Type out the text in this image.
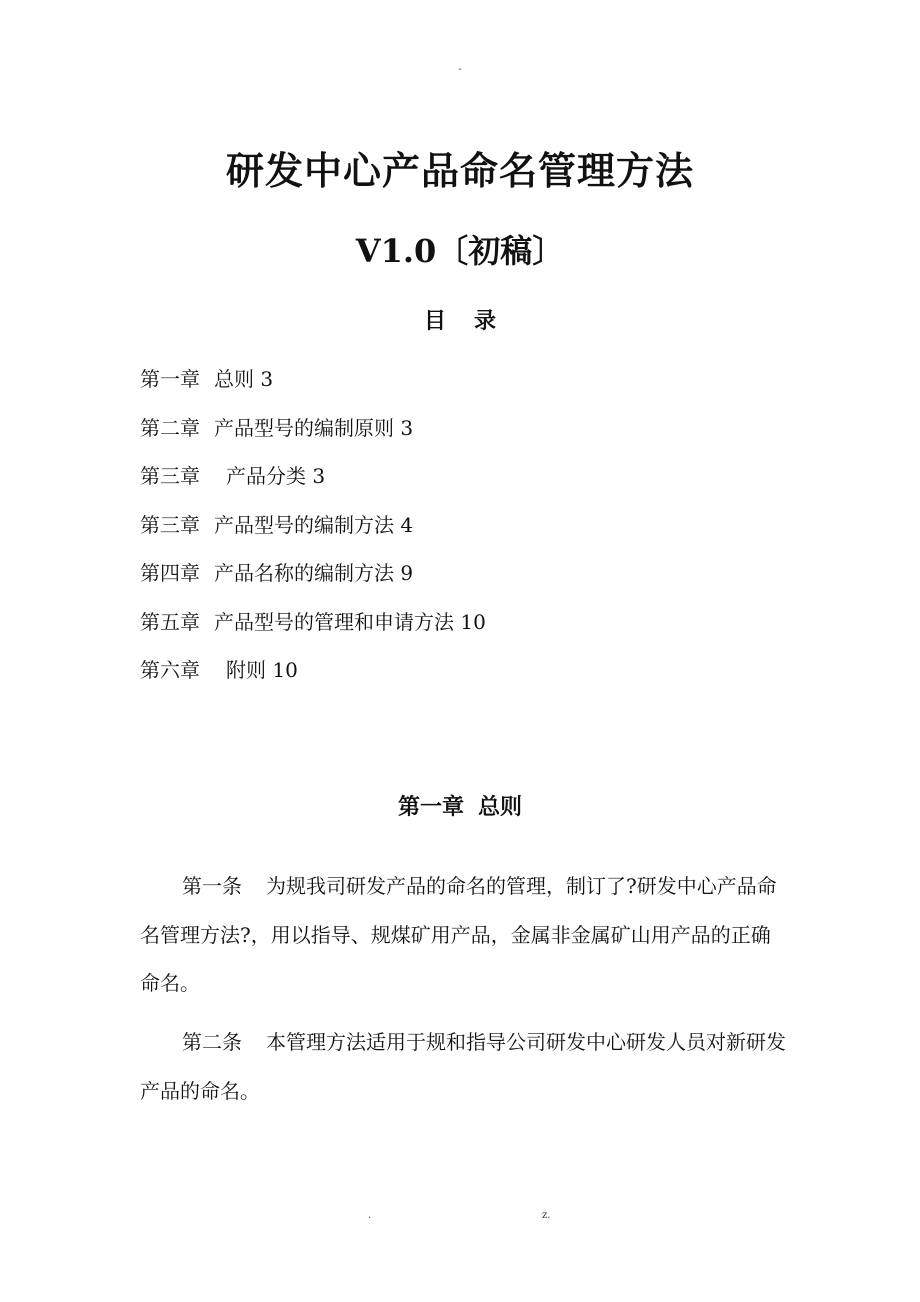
-
研发中心产品命名管理方法
V1.0〔初稿〕
目录
第一章 总则 3
第二章 产品型号的编制原则 3
第三章 产品分类 3
第三章 产品型号的编制方法 4
第四章 产品名称的编制方法 9
第五章 产品型号的管理和申请方法 10
第六章 附则 10
第一章 总则

第一条 为规我司研发产品的命名的管理，制订了?研发中心产品命名管理方法?，用以指导、规煤矿用产品，金属非金属矿山用产品的正确命名。

第二条 本管理方法适用于规和指导公司研发中心研发人员对新研发产品的命名。

.	z.
